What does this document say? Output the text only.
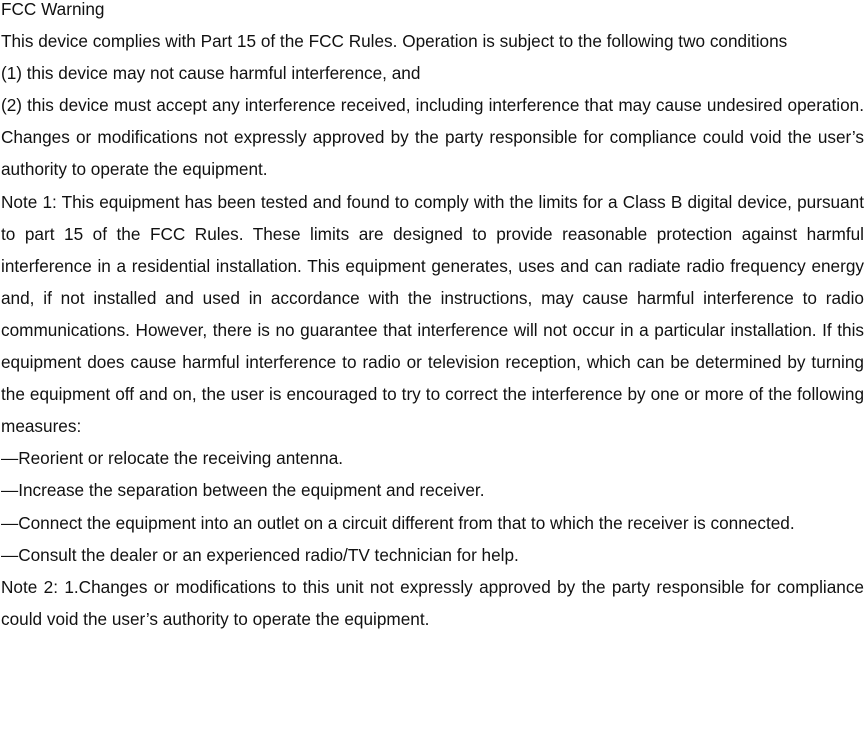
FCC Warning
This device complies with Part 15 of the FCC Rules. Operation is subject to the following two conditions
(1) this device may not cause harmful interference, and
(2) this device must accept any interference received, including interference that may cause undesired operation. Changes or modifications not expressly approved by the party responsible for compliance could void the user’s authority to operate the equipment.
Note 1: This equipment has been tested and found to comply with the limits for a Class B digital device, pursuant to part 15 of the FCC Rules. These limits are designed to provide reasonable protection against harmful interference in a residential installation. This equipment generates, uses and can radiate radio frequency energy and, if not installed and used in accordance with the instructions, may cause harmful interference to radio communications. However, there is no guarantee that interference will not occur in a particular installation. If this equipment does cause harmful interference to radio or television reception, which can be determined by turning the equipment off and on, the user is encouraged to try to correct the interference by one or more of the following measures:
—Reorient or relocate the receiving antenna.
—Increase the separation between the equipment and receiver.
—Connect the equipment into an outlet on a circuit different from that to which the receiver is connected.
—Consult the dealer or an experienced radio/TV technician for help.
Note 2: 1.Changes or modifications to this unit not expressly approved by the party responsible for compliance could void the user’s authority to operate the equipment.
